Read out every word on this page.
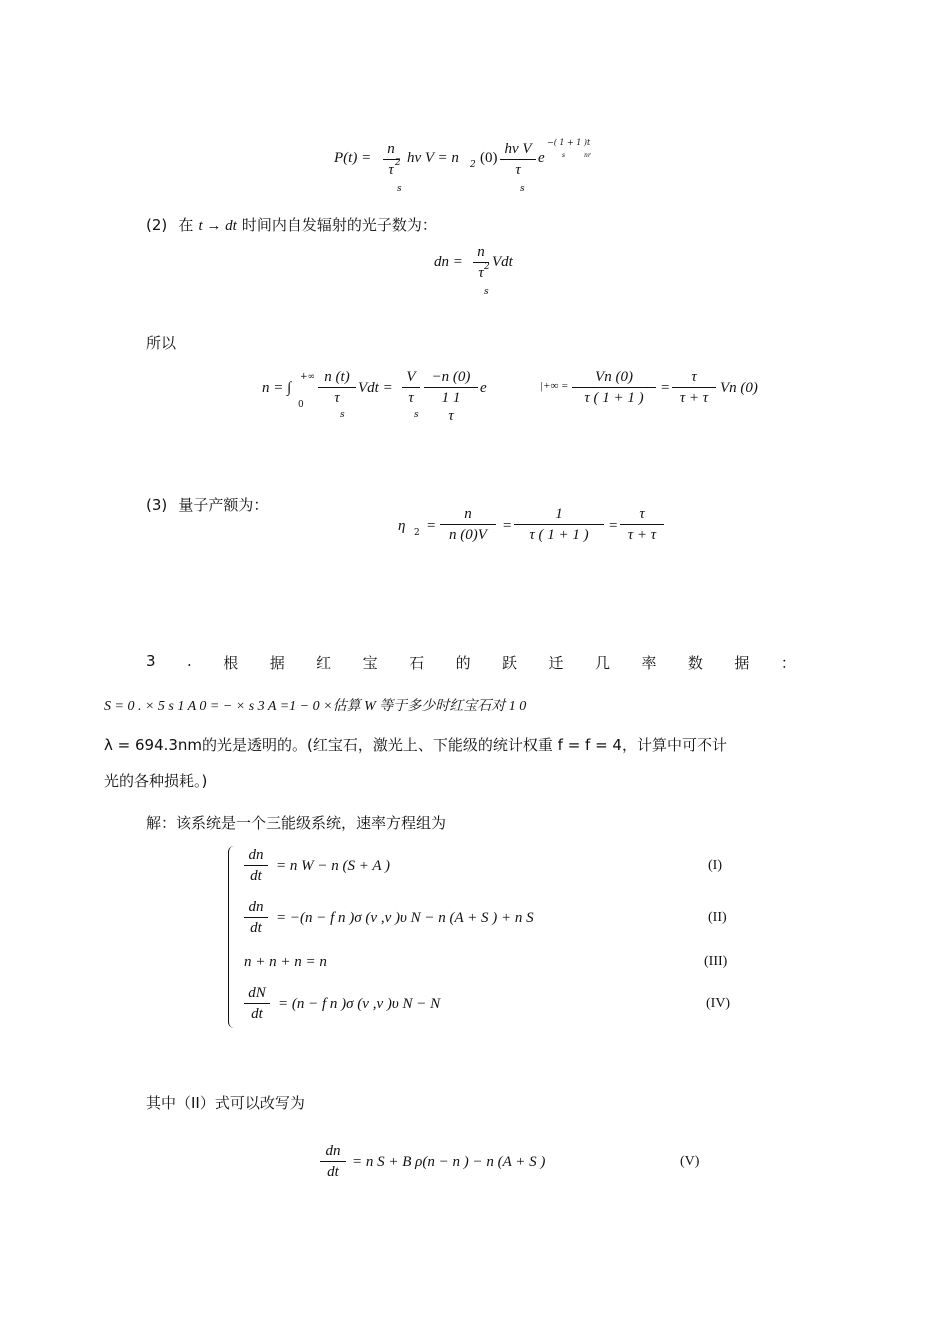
P(t) =
n
τ 2
s
hν V = n 2 (0)
hν V
τ
s
e
−( 1 + 1 )t
s	nr
(2) 在 t → dt 时间内自发辐射的光子数为：
dn =
n
τ 2
s
Vdt
所以
n = ∫
+∞
0
n (t)
τ
s
Vdt =
V
τ
s
−n (0)
1 1
τ
e	|+∞ =
Vn (0)
τ ( 1 + 1 )
=
τ
τ + τ
Vn (0)
(3) 量子产额为：
η 2 =
n
n (0)V
=
1
τ ( 1 + 1 )
=
τ
τ + τ
3 . 根 据 红 宝 石 的 跃 迁 几 率 数 据 ：
S = 0 . × 5 s 1 A 0 = − × s 3 A =1 − 0 ×估算 W 等于多少时红宝石对 1 0
λ = 694.3nm的光是透明的。(红宝石，激光上、下能级的统计权重 f = f = 4，计算中可不计
光的各种损耗。)
解：该系统是一个三能级系统，速率方程组为
dn
dt
= n W − n (S + A )	(I)
dn
dt
= −(n − f n )σ (ν ,ν )υ N − n (A + S ) + n S	(II)
n + n + n = n	(III)
dN
dt
= (n − f n )σ (ν ,ν )υ N − N	(IV)
其中（II）式可以改写为
dn
dt
= n S + B ρ(n − n ) − n (A + S )	(V)
